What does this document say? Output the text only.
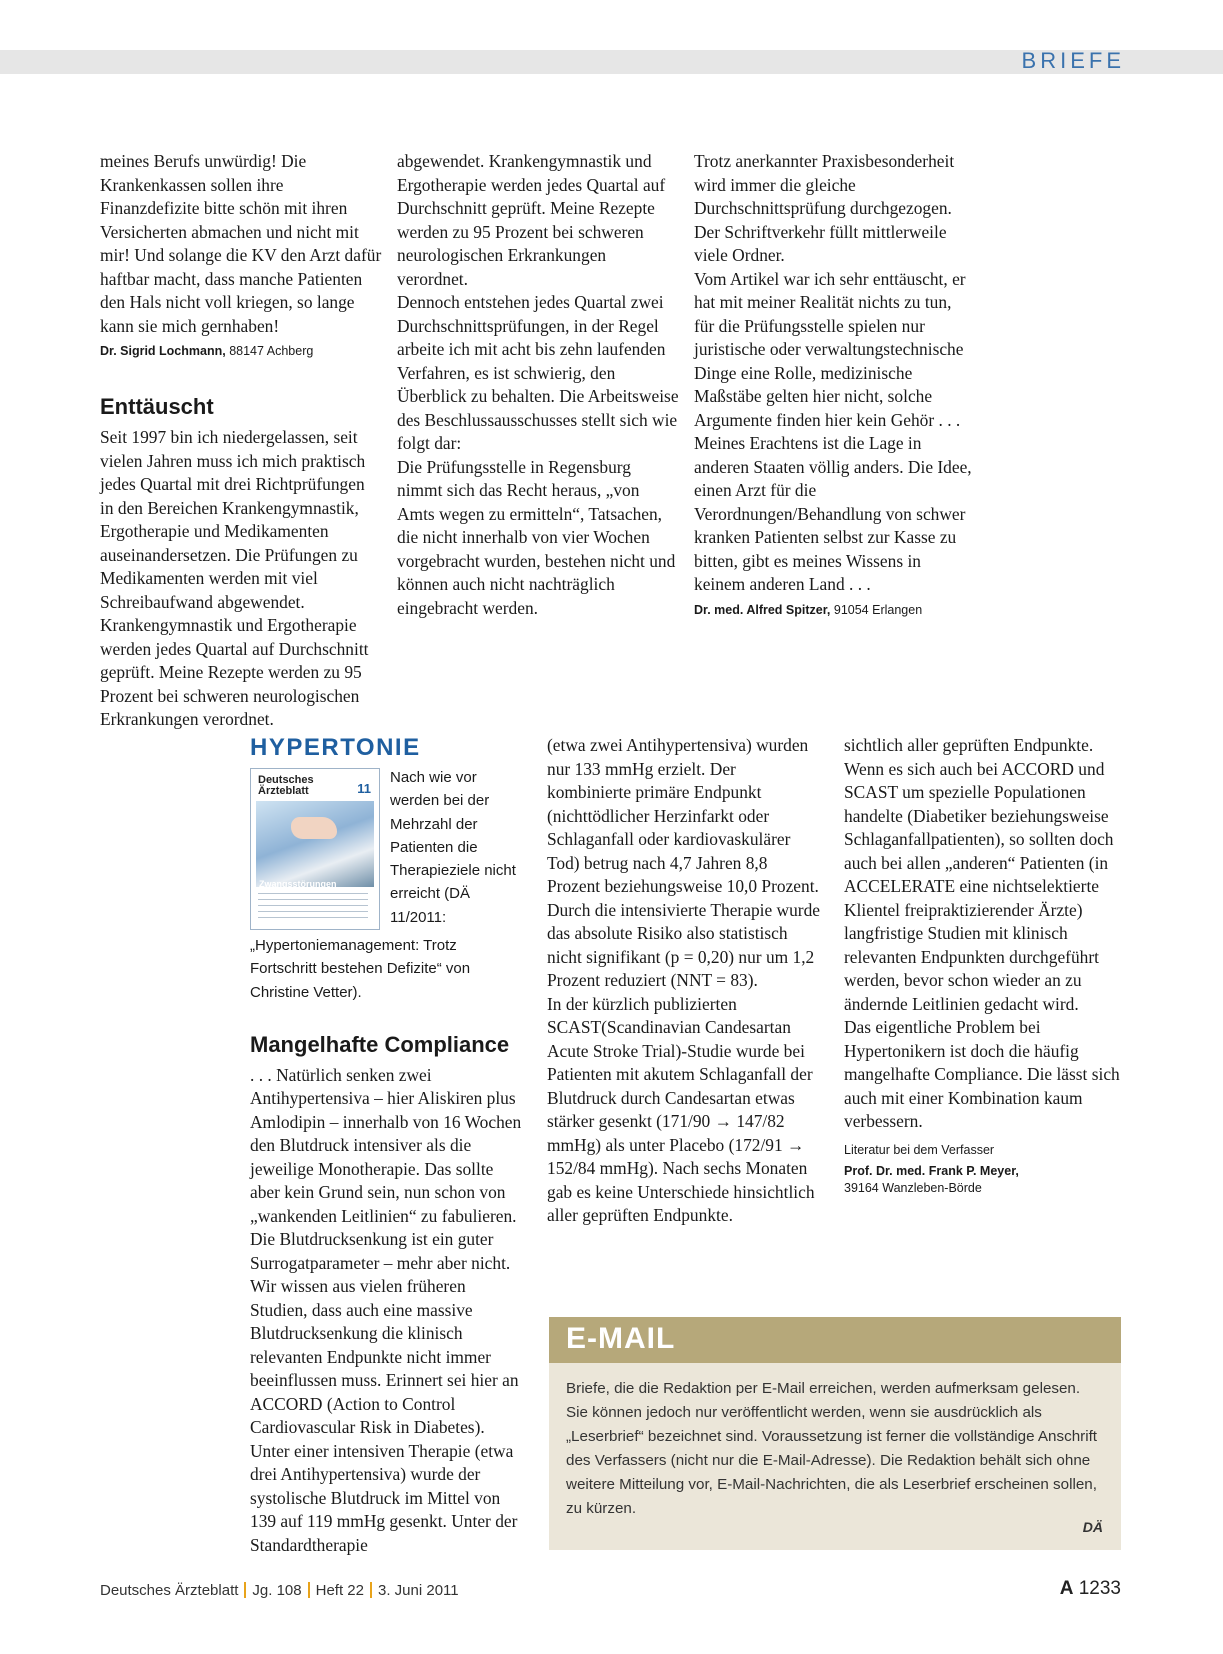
BRIEFE

meines Berufs unwürdig! Die Krankenkassen sollen ihre Finanzdefizite bitte schön mit ihren Versicherten abmachen und nicht mit mir! Und solange die KV den Arzt dafür haftbar macht, dass manche Patienten den Hals nicht voll kriegen, so lange kann sie mich gernhaben!

Dr. Sigrid Lochmann, 88147 Achberg

Enttäuscht

Seit 1997 bin ich niedergelassen, seit vielen Jahren muss ich mich praktisch jedes Quartal mit drei Richtprüfungen in den Bereichen Krankengymnastik, Ergotherapie und Medikamenten auseinandersetzen. Die Prüfungen zu Medikamenten werden mit viel Schreibaufwand abgewendet. Krankengymnastik und Ergotherapie werden jedes Quartal auf Durchschnitt geprüft. Meine Rezepte werden zu 95 Prozent bei schweren neurologischen Erkrankungen verordnet.

abgewendet. Krankengymnastik und Ergotherapie werden jedes Quartal auf Durchschnitt geprüft. Meine Rezepte werden zu 95 Prozent bei schweren neurologischen Erkrankungen verordnet.

Dennoch entstehen jedes Quartal zwei Durchschnittsprüfungen, in der Regel arbeite ich mit acht bis zehn laufenden Verfahren, es ist schwierig, den Überblick zu behalten. Die Arbeitsweise des Beschlussausschusses stellt sich wie folgt dar:

Die Prüfungsstelle in Regensburg nimmt sich das Recht heraus, „von Amts wegen zu ermitteln“, Tatsachen, die nicht innerhalb von vier Wochen vorgebracht wurden, bestehen nicht und können auch nicht nachträglich eingebracht werden.

Trotz anerkannter Praxisbesonderheit wird immer die gleiche Durchschnittsprüfung durchgezogen. Der Schriftverkehr füllt mittlerweile viele Ordner.

Vom Artikel war ich sehr enttäuscht, er hat mit meiner Realität nichts zu tun, für die Prüfungsstelle spielen nur juristische oder verwaltungstechnische Dinge eine Rolle, medizinische Maßstäbe gelten hier nicht, solche Argumente finden hier kein Gehör . . .

Meines Erachtens ist die Lage in anderen Staaten völlig anders. Die Idee, einen Arzt für die Verordnungen/Behandlung von schwer kranken Patienten selbst zur Kasse zu bitten, gibt es meines Wissens in keinem anderen Land . . .

Dr. med. Alfred Spitzer, 91054 Erlangen

HYPERTONIE
Deutsches
Ärzteblatt	11
Zwangsstörungen
Nach wie vor werden bei der Mehrzahl der Patienten die Therapieziele nicht erreicht (DÄ 11/2011: „Hypertoniemanagement: Trotz Fortschritt bestehen Defizite“ von Christine Vetter).
Mangelhafte Compliance

. . . Natürlich senken zwei Antihypertensiva – hier Aliskiren plus Amlodipin – innerhalb von 16 Wochen den Blutdruck intensiver als die jeweilige Monotherapie. Das sollte aber kein Grund sein, nun schon von „wankenden Leitlinien“ zu fabulieren. Die Blutdrucksenkung ist ein guter Surrogatparameter – mehr aber nicht.

Wir wissen aus vielen früheren Studien, dass auch eine massive Blutdrucksenkung die klinisch relevanten Endpunkte nicht immer beeinflussen muss. Erinnert sei hier an ACCORD (Action to Control Cardiovascular Risk in Diabetes). Unter einer intensiven Therapie (etwa drei Antihypertensiva) wurde der systolische Blutdruck im Mittel von 139 auf 119 mmHg gesenkt. Unter der Standardtherapie

(etwa zwei Antihypertensiva) wurden nur 133 mmHg erzielt. Der kombinierte primäre Endpunkt (nichttödlicher Herzinfarkt oder Schlaganfall oder kardiovaskulärer Tod) betrug nach 4,7 Jahren 8,8 Prozent beziehungsweise 10,0 Prozent. Durch die intensivierte Therapie wurde das absolute Risiko also statistisch nicht signifikant (p = 0,20) nur um 1,2 Prozent reduziert (NNT = 83).

In der kürzlich publizierten SCAST(Scandinavian Candesartan Acute Stroke Trial)-Studie wurde bei Patienten mit akutem Schlaganfall der Blutdruck durch Candesartan etwas stärker gesenkt (171/90 → 147/82 mmHg) als unter Placebo (172/91 → 152/84 mmHg). Nach sechs Monaten gab es keine Unterschiede hinsichtlich aller geprüften Endpunkte.

sichtlich aller geprüften Endpunkte.

Wenn es sich auch bei ACCORD und SCAST um spezielle Populationen handelte (Diabetiker beziehungsweise Schlaganfallpatienten), so sollten doch auch bei allen „anderen“ Patienten (in ACCELERATE eine nichtselektierte Klientel freipraktizierender Ärzte) langfristige Studien mit klinisch relevanten Endpunkten durchgeführt werden, bevor schon wieder an zu ändernde Leitlinien gedacht wird.

Das eigentliche Problem bei Hypertonikern ist doch die häufig mangelhafte Compliance. Die lässt sich auch mit einer Kombination kaum verbessern.

Literatur bei dem Verfasser

Prof. Dr. med. Frank P. Meyer,
39164 Wanzleben-Börde

E-MAIL

Briefe, die die Redaktion per E-Mail erreichen, werden aufmerksam gelesen. Sie können jedoch nur veröffentlicht werden, wenn sie ausdrücklich als „Leserbrief“ bezeichnet sind. Voraussetzung ist ferner die vollständige Anschrift des Verfassers (nicht nur die E-Mail-Adresse). Die Redaktion behält sich ohne weitere Mitteilung vor, E-Mail-Nachrichten, die als Leserbrief erscheinen sollen, zu kürzen.

DÄ
Deutsches Ärzteblatt Jg. 108 Heft 22 3. Juni 2011	A 1233
